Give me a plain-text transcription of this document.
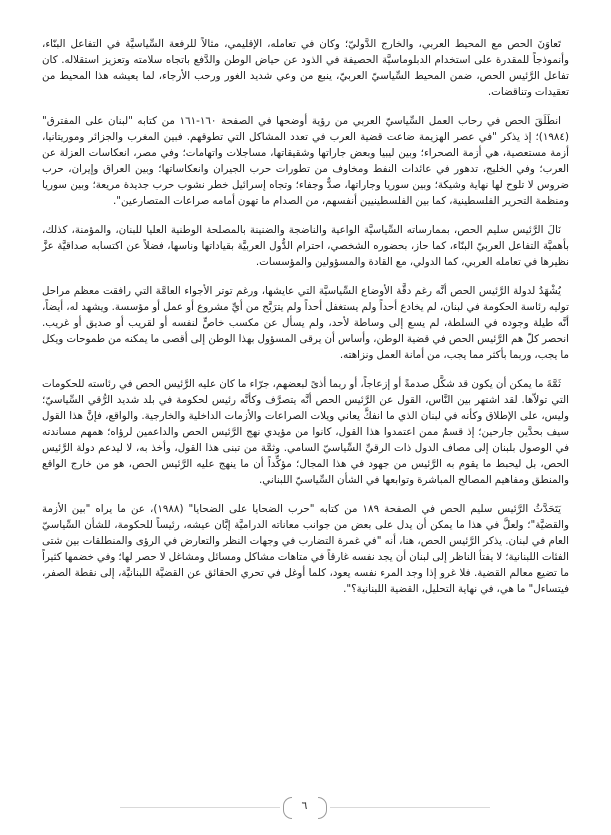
تَعاوَنَ الحص مع المحيط العربي، والخارج الدَّوليّ؛ وكان في تعامله، الإقليمي، مثالاً للرفعة السِّياسيَّة في التفاعل البنّاء، وأنموذجاً للمقدرة على استخدام الدبلوماسيَّة الحصيفة في الذود عن حياض الوطن والدَّفع باتجاه سلامته وتعزيز استقلاله. كان تفاعل الرَّئيس الحص، ضمن المحيط السِّياسيّ العربيّ، ينبع من وعي شديد الغور ورحب الأرجاء، لما يعيشه هذا المحيط من تعقيدات وتناقضات.

انطَلَقَ الحص في رحاب العمل السِّياسيّ العربي من رؤية أوضحها في الصفحة ١٦٠-١٦١ من كتابه "لبنان على المفترق" (١٩٨٤)؛ إذ يذكر "في عصر الهزيمة ضاعت قضية العرب في تعدد المشاكل التي تطوقهم. فبين المغرب والجزائر وموريتانيا، أزمة مستعصية، هي أزمة الصحراء؛ وبين ليبيا وبعض جاراتها وشقيقاتها، مساجلات واتهامات؛ وفي مصر، انعكاسات العزلة عن العرب؛ وفي الخليج، تدهور في عائدات النفط ومخاوف من تطورات حرب الجيران وانعكاساتها؛ وبين العراق وإيران، حرب ضروس لا تلوح لها نهاية وشيكة؛ وبين سوريا وجاراتها، صدٌّ وجفاء؛ وتجاه إسرائيل خطر نشوب حرب جديدة مريعة؛ وبين سوريا ومنظمة التحرير الفلسطينية، كما بين الفلسطينيين أنفسهم، من الصدام ما تهون أمامه صراعات المتصارعين".

نَالَ الرَّئيس سليم الحص، بممارساته السِّياسيَّة الواعية والناضجة والضنينة بالمصلحة الوطنية العليا للبنان، والمؤمنة، كذلك، بأهميَّة التفاعل العربيّ البنّاء، كما حاز، بحضوره الشخصي، احترام الدُّول العربيَّة بقياداتها وناسها، فضلاً عن اكتسابه صداقيَّة عزَّ نظيرها في تعامله العربي، كما الدولي، مع القادة والمسؤولين والمؤسسات.

يُشْهَدُ لدولة الرَّئيس الحص أنَّه رغم دقَّة الأوضاع السِّياسيَّة التي عايشها، ورغم توتر الأجواء العامَّة التي رافقت معظم مراحل توليه رئاسة الحكومة في لبنان، لم يخادع أحداً ولم يستغفل أحداً ولم يترَبَّح من أيِّ مشروع أو عمل أو مؤسسة. ويشهد له، أيضاً، أنَّه طيلة وجوده في السلطة، لم يسع إلى وساطة لأحد، ولم يسأل عن مكسب خاصٍّ لنفسه أو لقريب أو صديق أو غريب. انحصر كلّ هم الرَّئيس الحص في قضية الوطن، وأساس أن يرقى المسؤول بهذا الوطن إلى أقصى ما يمكنه من طموحات ويكل ما يجب، وربما بأكثر مما يجب، من أمانة العمل ونزاهته.

ثَمَّةَ ما يمكن أن يكون قد شكَّل صدمةً أو إزعاجاً، أو ربما أذىً لبعضهم، جرّاء ما كان عليه الرَّئيس الحص في رئاسته للحكومات التي تولاّها. لقد اشتهر بين النَّاس، القول عن الرَّئيس الحص أنَّه يتصرَّف وكأنَّه رئيس لحكومة في بلد شديد الرُّقي السِّياسيّ؛ وليس، على الإطلاق وكأنه في لبنان الذي ما انفكَّ يعاني ويلات الصراعات والأزمات الداخلية والخارجية. والواقع، فإنَّ هذا القول سيف بحدَّين جارحين؛ إذ قسمٌ ممن اعتمدوا هذا القول، كانوا من مؤيدي نهج الرَّئيس الحص والداعمين لرؤاه؛ همهم مساندته في الوصول بلبنان إلى مصاف الدول ذات الرقيِّ السِّياسيّ السامي. وثمَّة من تبنى هذا القول، وأخذ به، لا ليدعم دولة الرَّئيس الحص، بل ليحبط ما يقوم به الرَّئيس من جهود في هذا المجال؛ مؤكِّداً أن ما ينهج عليه الرَّئيس الحص، هو من خارج الواقع والمنطق ومفاهيم المصالح المباشرة وتوابعها في الشأن السِّياسيّ اللبناني.

يَتَحَدَّثُ الرَّئيس سليم الحص في الصفحة ١٨٩ من كتابه "حرب الضحايا على الضحايا" (١٩٨٨)، عن ما يراه "بين الأزمة والقضيَّة"؛ ولعلَّ في هذا ما يمكن أن يدل على بعض من جوانب معاناته الدراميَّة إبَّان عيشه، رئيساً للحكومة، للشأن السِّياسيّ العام في لبنان. يذكر الرَّئيس الحص، هنا، أنه "في غمرة التضارب في وجهات النظر والتعارض في الرؤى والمنطلقات بين شتى الفئات اللبنانية؛ لا يفتأ الناظر إلى لبنان أن يجد نفسه غارقاً في متاهات مشاكل ومسائل ومشاغل لا حصر لها؛ وفي خضمها كثيراً ما تضيع معالم القضية. فلا غرو إذا وجد المرء نفسه يعود، كلما أوغل في تحري الحقائق عن القضيَّة اللبنانيَّة، إلى نقطة الصفر، فيتساءل" ما هي، في نهاية التحليل، القضية اللبنانية؟".

٦
